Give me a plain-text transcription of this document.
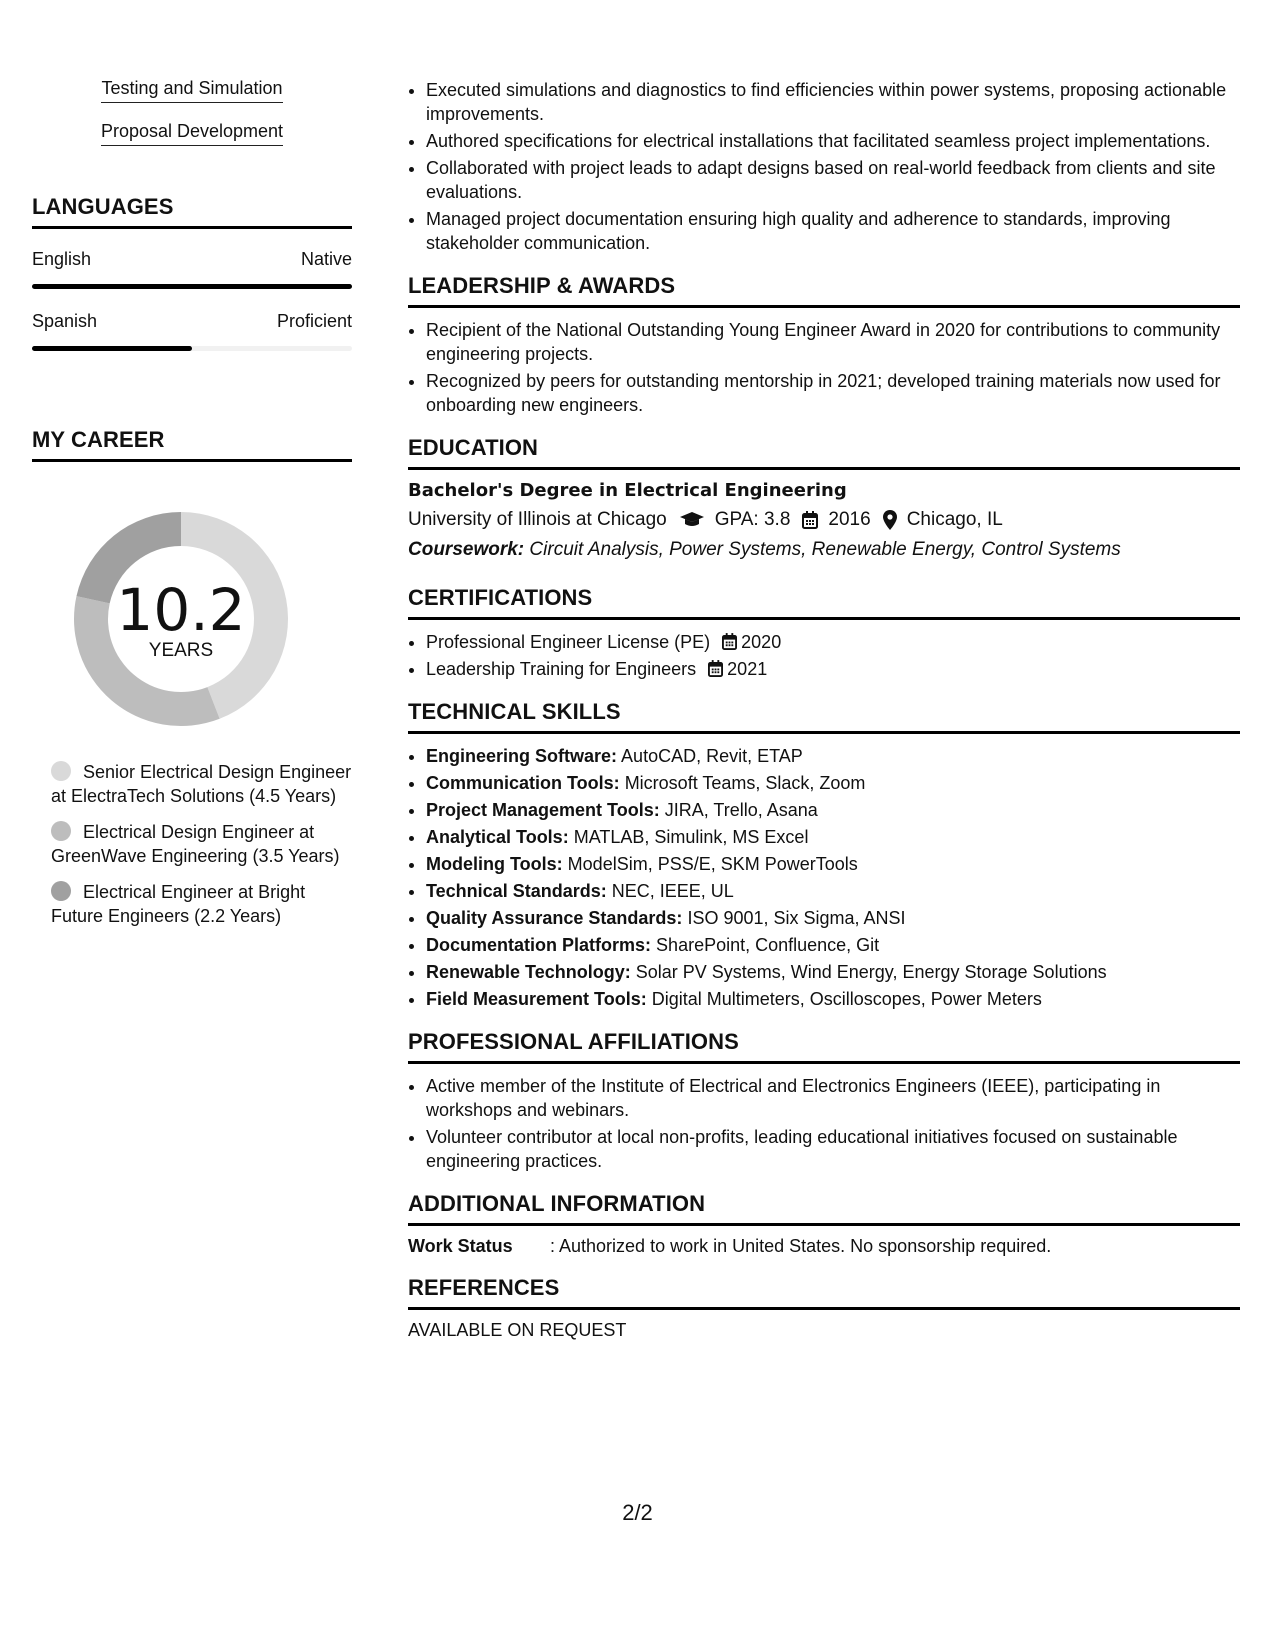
Testing and Simulation
Proposal Development
LANGUAGES
English	Native
Spanish	Proficient
MY CAREER
10.2
YEARS
Senior Electrical Design Engineer at ElectraTech Solutions (4.5 Years)
Electrical Design Engineer at GreenWave Engineering (3.5 Years)
Electrical Engineer at Bright Future Engineers (2.2 Years)
• Executed simulations and diagnostics to find efficiencies within power systems, proposing actionable improvements.
• Authored specifications for electrical installations that facilitated seamless project implementations.
• Collaborated with project leads to adapt designs based on real-world feedback from clients and site evaluations.
• Managed project documentation ensuring high quality and adherence to standards, improving stakeholder communication.
LEADERSHIP & AWARDS
• Recipient of the National Outstanding Young Engineer Award in 2020 for contributions to community engineering projects.
• Recognized by peers for outstanding mentorship in 2021; developed training materials now used for onboarding new engineers.
EDUCATION
Bachelor's Degree in Electrical Engineering
University of Illinois at Chicago	GPA: 3.8 2016 Chicago, IL
Coursework: Circuit Analysis, Power Systems, Renewable Energy, Control Systems
CERTIFICATIONS
• Professional Engineer License (PE) 2020
• Leadership Training for Engineers 2021
TECHNICAL SKILLS
• Engineering Software: AutoCAD, Revit, ETAP
• Communication Tools: Microsoft Teams, Slack, Zoom
• Project Management Tools: JIRA, Trello, Asana
• Analytical Tools: MATLAB, Simulink, MS Excel
• Modeling Tools: ModelSim, PSS/E, SKM PowerTools
• Technical Standards: NEC, IEEE, UL
• Quality Assurance Standards: ISO 9001, Six Sigma, ANSI
• Documentation Platforms: SharePoint, Confluence, Git
• Renewable Technology: Solar PV Systems, Wind Energy, Energy Storage Solutions
• Field Measurement Tools: Digital Multimeters, Oscilloscopes, Power Meters
PROFESSIONAL AFFILIATIONS
• Active member of the Institute of Electrical and Electronics Engineers (IEEE), participating in workshops and webinars.
• Volunteer contributor at local non-profits, leading educational initiatives focused on sustainable engineering practices.
ADDITIONAL INFORMATION
Work Status	: Authorized to work in United States. No sponsorship required.
REFERENCES
AVAILABLE ON REQUEST
2/2
